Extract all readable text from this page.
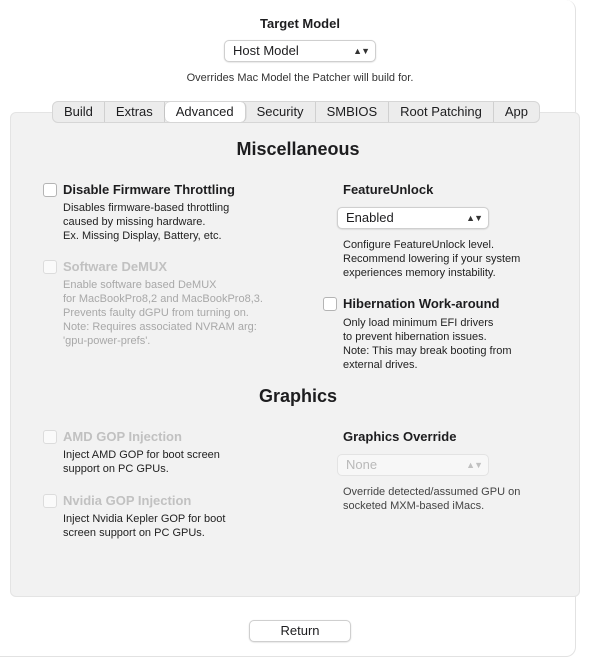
Target Model
Host Model	▲▼
Overrides Mac Model the Patcher will build for.
Build	Extras	Advanced	Security	SMBIOS	Root Patching	App
Miscellaneous
Disable Firmware Throttling
Disables firmware-based throttling
caused by missing hardware.
Ex. Missing Display, Battery, etc.
Software DeMUX
Enable software based DeMUX
for MacBookPro8,2 and MacBookPro8,3.
Prevents faulty dGPU from turning on.
Note: Requires associated NVRAM arg:
'gpu-power-prefs'.
FeatureUnlock
Enabled	▲▼
Configure FeatureUnlock level.
Recommend lowering if your system
experiences memory instability.
Hibernation Work-around
Only load minimum EFI drivers
to prevent hibernation issues.
Note: This may break booting from
external drives.
Graphics
AMD GOP Injection
Inject AMD GOP for boot screen
support on PC GPUs.
Nvidia GOP Injection
Inject Nvidia Kepler GOP for boot
screen support on PC GPUs.
Graphics Override
None	▲▼
Override detected/assumed GPU on
socketed MXM-based iMacs.
Return
